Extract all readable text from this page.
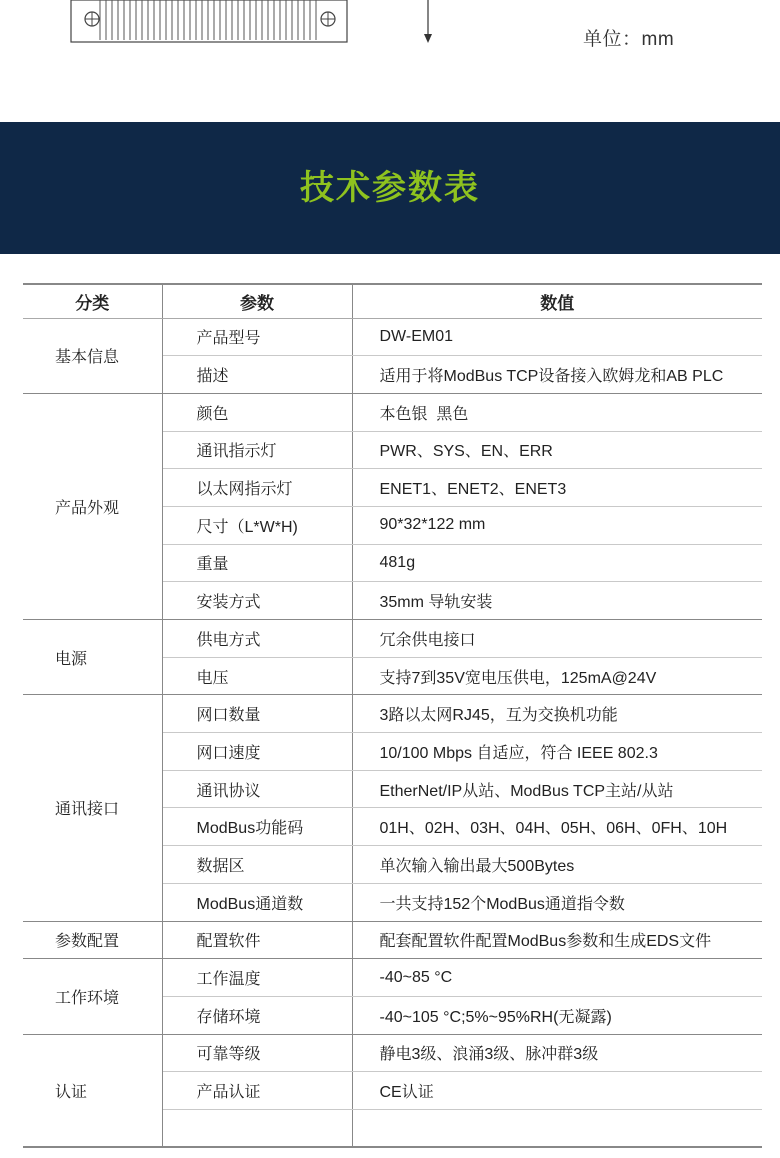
单位：mm
技术参数表
分类	参数	数值
基本信息	产品型号	DW-EM01
	描述	适用于将ModBus TCP设备接入欧姆龙和AB PLC
产品外观	颜色	本色银  黑色
	通讯指示灯	PWR、SYS、EN、ERR
	以太网指示灯	ENET1、ENET2、ENET3
	尺寸（L*W*H)	90*32*122 mm
	重量	481g
	安装方式	35mm 导轨安装
电源	供电方式	冗余供电接口
	电压	支持7到35V宽电压供电，125mA@24V
通讯接口	网口数量	3路以太网RJ45，互为交换机功能
	网口速度	10/100 Mbps 自适应，符合 IEEE 802.3
	通讯协议	EtherNet/IP从站、ModBus TCP主站/从站
	ModBus功能码	01H、02H、03H、04H、05H、06H、0FH、10H
	数据区	单次输入输出最大500Bytes
	ModBus通道数	一共支持152个ModBus通道指令数
参数配置	配置软件	配套配置软件配置ModBus参数和生成EDS文件
工作环境	工作温度	-40~85 °C
	存储环境	-40~105 °C;5%~95%RH(无凝露)
认证	可靠等级	静电3级、浪涌3级、脉冲群3级
	产品认证	CE认证
